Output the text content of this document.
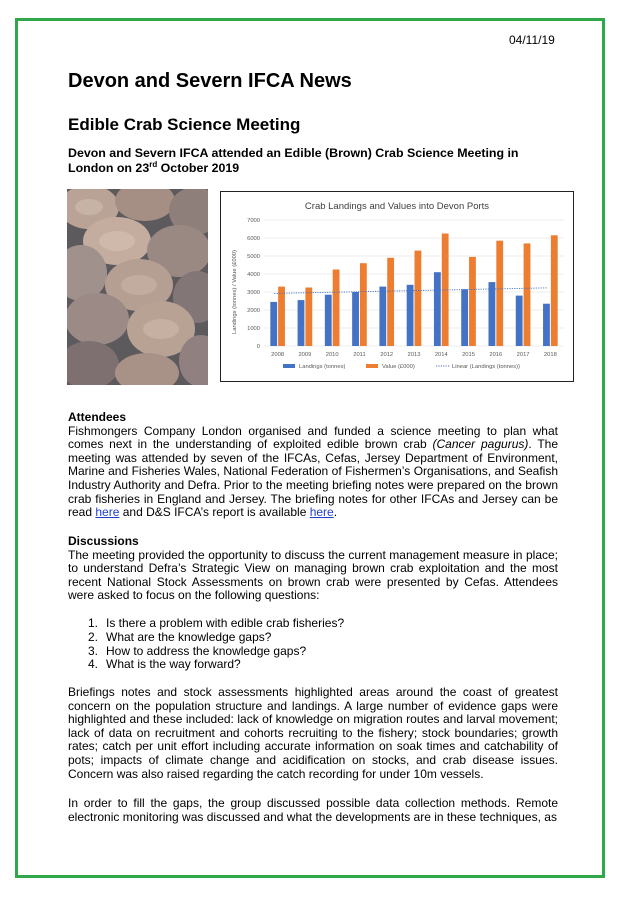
04/11/19
Devon and Severn IFCA News
Edible Crab Science Meeting
Devon and Severn IFCA attended an Edible (Brown) Crab Science Meeting in London on 23rd October 2019
Crab Landings and Values into Devon Ports
Landings (tonnes) / Value (£000)
2008 2009 2010	2011	2012 2013 2014 2015 2016 2017 2018
0
1000
2000
3000
4000
5000
6000
7000
Landings (tonnes)	Value (£000)	Linear (Landings (tonnes))
Attendees
Fishmongers Company London organised and funded a science meeting to plan what comes next in the understanding of exploited edible brown crab (Cancer pagurus). The meeting was attended by seven of the IFCAs, Cefas, Jersey Department of Environment, Marine and Fisheries Wales, National Federation of Fishermen’s Organisations, and Seafish Industry Authority and Defra. Prior to the meeting briefing notes were prepared on the brown crab fisheries in England and Jersey. The briefing notes for other IFCAs and Jersey can be read here and D&S IFCA’s report is available here.
Discussions
The meeting provided the opportunity to discuss the current management measure in place; to understand Defra’s Strategic View on managing brown crab exploitation and the most recent National Stock Assessments on brown crab were presented by Cefas. Attendees were asked to focus on the following questions:
1. Is there a problem with edible crab fisheries?
2. What are the knowledge gaps?
3. How to address the knowledge gaps?
4. What is the way forward?
Briefings notes and stock assessments highlighted areas around the coast of greatest concern on the population structure and landings. A large number of evidence gaps were highlighted and these included: lack of knowledge on migration routes and larval movement; lack of data on recruitment and cohorts recruiting to the fishery; stock boundaries; growth rates; catch per unit effort including accurate information on soak times and catchability of pots; impacts of climate change and acidification on stocks, and crab disease issues. Concern was also raised regarding the catch recording for under 10m vessels.
In order to fill the gaps, the group discussed possible data collection methods. Remote electronic monitoring was discussed and what the developments are in these techniques, as
